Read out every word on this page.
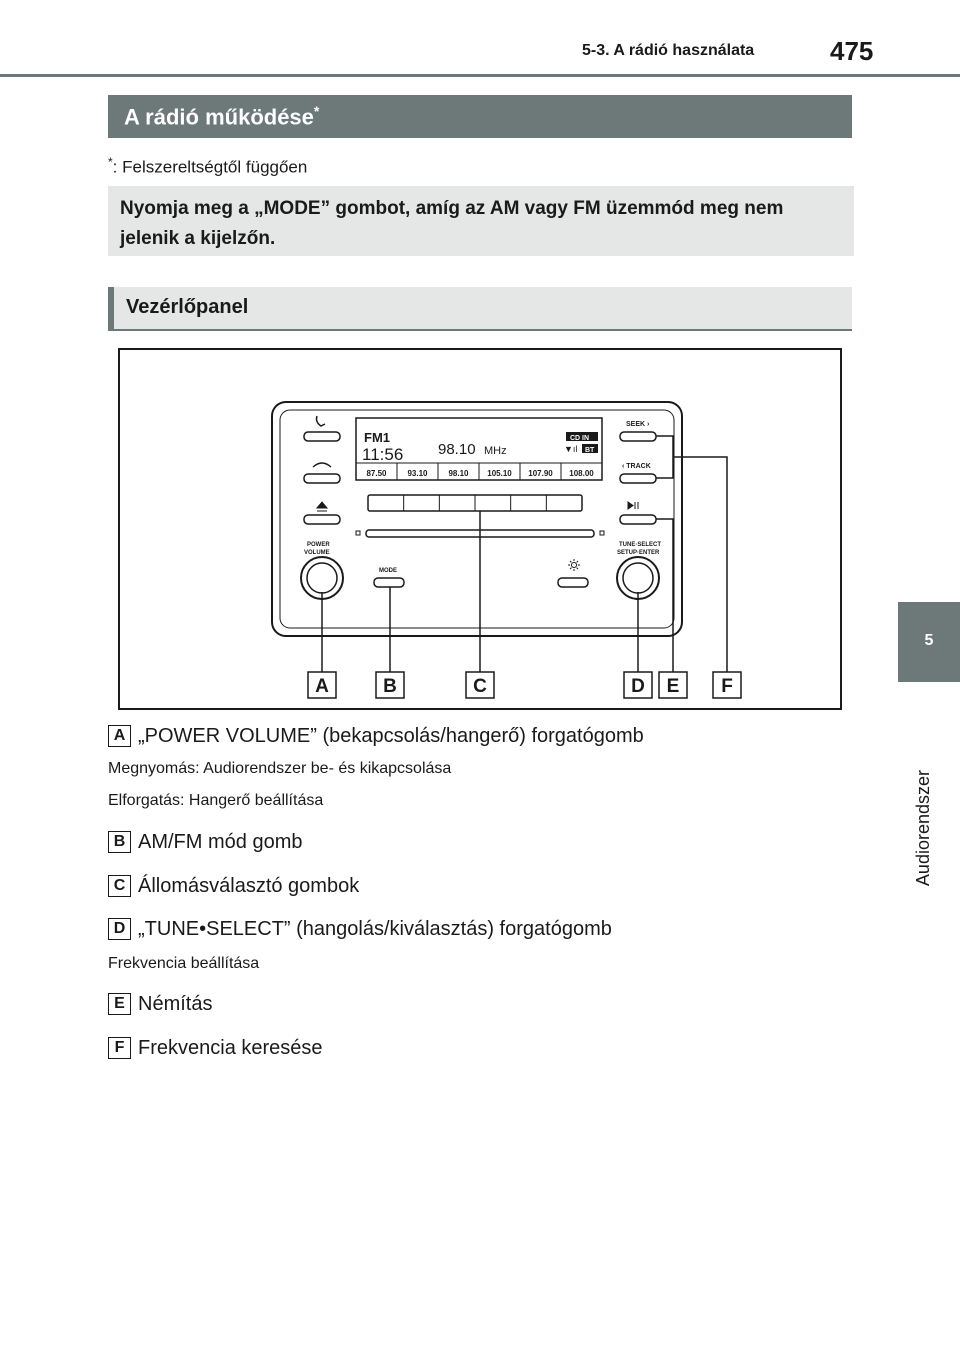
5-3. A rádió használata	475
5
Audiorendszer
A rádió működése*
*: Felszereltségtől függően
Nyomja meg a „MODE” gombot, amíg az AM vagy FM üzemmód meg nem jelenik a kijelzőn.
Vezérlőpanel
FM1
11:56 98.10 MHz
CD IN
▼ıl BT
87.50	93.10	98.10 105.10 107.90 108.00
SEEK ›
‹ TRACK
POWER
VOLUME
MODE
TUNE·SELECT
SETUP·ENTER
A	B	C	D E F
A „POWER VOLUME” (bekapcsolás/hangerő) forgatógomb
Megnyomás: Audiorendszer be- és kikapcsolása
Elforgatás: Hangerő beállítása
B AM/FM mód gomb
C Állomásválasztó gombok
D „TUNE•SELECT” (hangolás/kiválasztás) forgatógomb
Frekvencia beállítása
E Némítás
F Frekvencia keresése
